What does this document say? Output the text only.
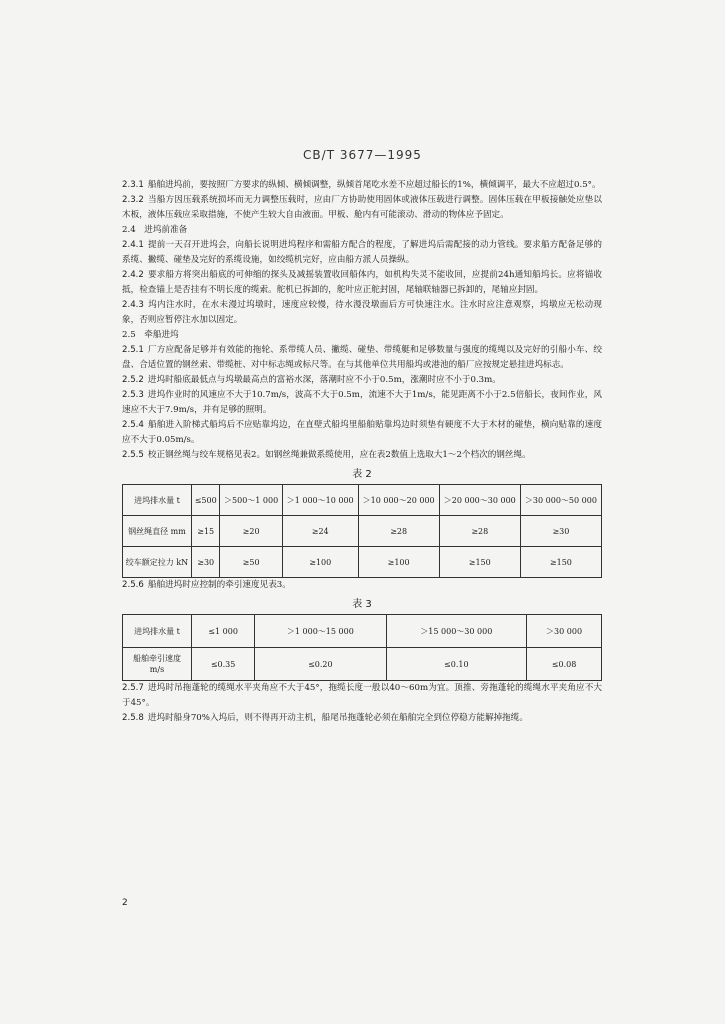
CB/T 3677—1995

2.3.1 船舶进坞前，要按照厂方要求的纵倾、横倾调整，纵倾首尾吃水差不应超过船长的1%，横倾调平，最大不应超过0.5°。

2.3.2 当船方因压载系统损坏而无力调整压载时，应由厂方协助使用固体或液体压载进行调整。固体压载在甲板接触处应垫以木板，液体压载应采取措施，不使产生较大自由液面。甲板、舱内有可能滚动、滑动的物体应予固定。

2.4　进坞前准备

2.4.1 提前一天召开进坞会，向船长说明进坞程序和需船方配合的程度，了解进坞后需配接的动力管线。要求船方配备足够的系缆、撇缆、碰垫及完好的系缆设施，如绞缆机完好，应由船方派人员操纵。

2.4.2 要求船方将突出船底的可伸缩的探头及减摇装置收回船体内，如机构失灵不能收回，应提前24h通知船坞长。应将锚收抵，检查锚上是否挂有不明长度的缆索。舵机已拆卸的，舵叶应正舵封固，尾轴联轴器已拆卸的，尾轴应封固。

2.4.3 坞内注水时，在水未漫过坞墩时，速度应较慢，待水漫没墩面后方可快速注水。注水时应注意观察，坞墩应无松动现象，否则应暂停注水加以固定。

2.5　牵船进坞

2.5.1 厂方应配备足够并有效能的拖轮、系带缆人员、撇缆、碰垫、带缆艇和足够数量与强度的缆绳以及完好的引船小车、绞盘、合适位置的钢丝索、带缆桩、对中标志绳或标尺等。在与其他单位共用船坞或港池的船厂应按规定悬挂进坞标志。

2.5.2 进坞时船底最低点与坞墩最高点的富裕水深，落潮时应不小于0.5m，涨潮时应不小于0.3m。

2.5.3 进坞作业时的风速应不大于10.7m/s，波高不大于0.5m，流速不大于1m/s，能见距离不小于2.5倍船长，夜间作业，风速应不大于7.9m/s，并有足够的照明。

2.5.4 船舶进入阶梯式船坞后不应贴靠坞边，在直壁式船坞里船舶贴靠坞边时须垫有硬度不大于木材的碰垫，横向贴靠的速度应不大于0.05m/s。

2.5.5 校正钢丝绳与绞车规格见表2。如钢丝绳兼做系缆使用，应在表2数值上选取大1～2个档次的钢丝绳。

表 2
进坞排水量 t	≤500	＞500～1 000	＞1 000～10 000	＞10 000～20 000	＞20 000～30 000	＞30 000～50 000
钢丝绳直径 mm	≥15	≥20	≥24	≥28	≥28	≥30
绞车额定拉力 kN	≥30	≥50	≥100	≥100	≥150	≥150

2.5.6 船舶进坞时应控制的牵引速度见表3。

表 3
进坞排水量 t	≤1 000	＞1 000～15 000	＞15 000～30 000	＞30 000
船舶牵引速度 m/s	≤0.35	≤0.20	≤0.10	≤0.08

2.5.7 进坞时吊拖蓬轮的缆绳水平夹角应不大于45°，拖缆长度一般以40～60m为宜。顶推、旁拖蓬轮的缆绳水平夹角应不大于45°。

2.5.8 进坞时船身70%入坞后，则不得再开动主机，船尾吊拖蓬轮必须在船舶完全到位停稳方能解掉拖缆。

2
